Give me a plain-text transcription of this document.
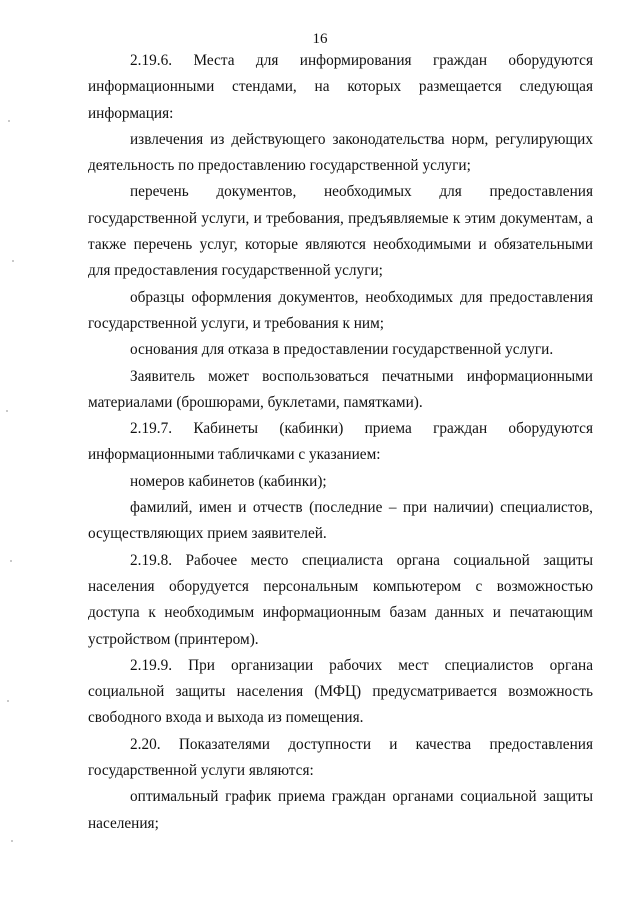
16

2.19.6.     Места     для     информирования     граждан     оборудуются информационными стендами, на которых размещается следующая информация:

извлечения из действующего законодательства норм, регулирующих деятельность по предоставлению государственной услуги;

перечень документов, необходимых для предоставления государственной услуги, и требования, предъявляемые к этим документам, а также перечень услуг, которые являются необходимыми и обязательными для предоставления государственной услуги;

образцы оформления документов, необходимых для предоставления государственной услуги, и требования к ним;

основания для отказа в предоставлении государственной услуги.

Заявитель может воспользоваться печатными информационными материалами (брошюрами, буклетами, памятками).

2.19.7.    Кабинеты    (кабинки)    приема    граждан    оборудуются информационными табличками с указанием:

номеров кабинетов (кабинки);

фамилий, имен и отчеств (последние – при наличии) специалистов, осуществляющих прием заявителей.

2.19.8. Рабочее место специалиста органа социальной защиты населения оборудуется персональным компьютером с возможностью доступа к необходимым информационным базам данных и печатающим устройством (принтером).

2.19.9. При организации рабочих мест специалистов органа социальной защиты населения (МФЦ) предусматривается возможность свободного входа и выхода из помещения.

2.20.    Показателями    доступности    и    качества    предоставления государственной услуги являются:

оптимальный график приема граждан органами социальной защиты населения;
